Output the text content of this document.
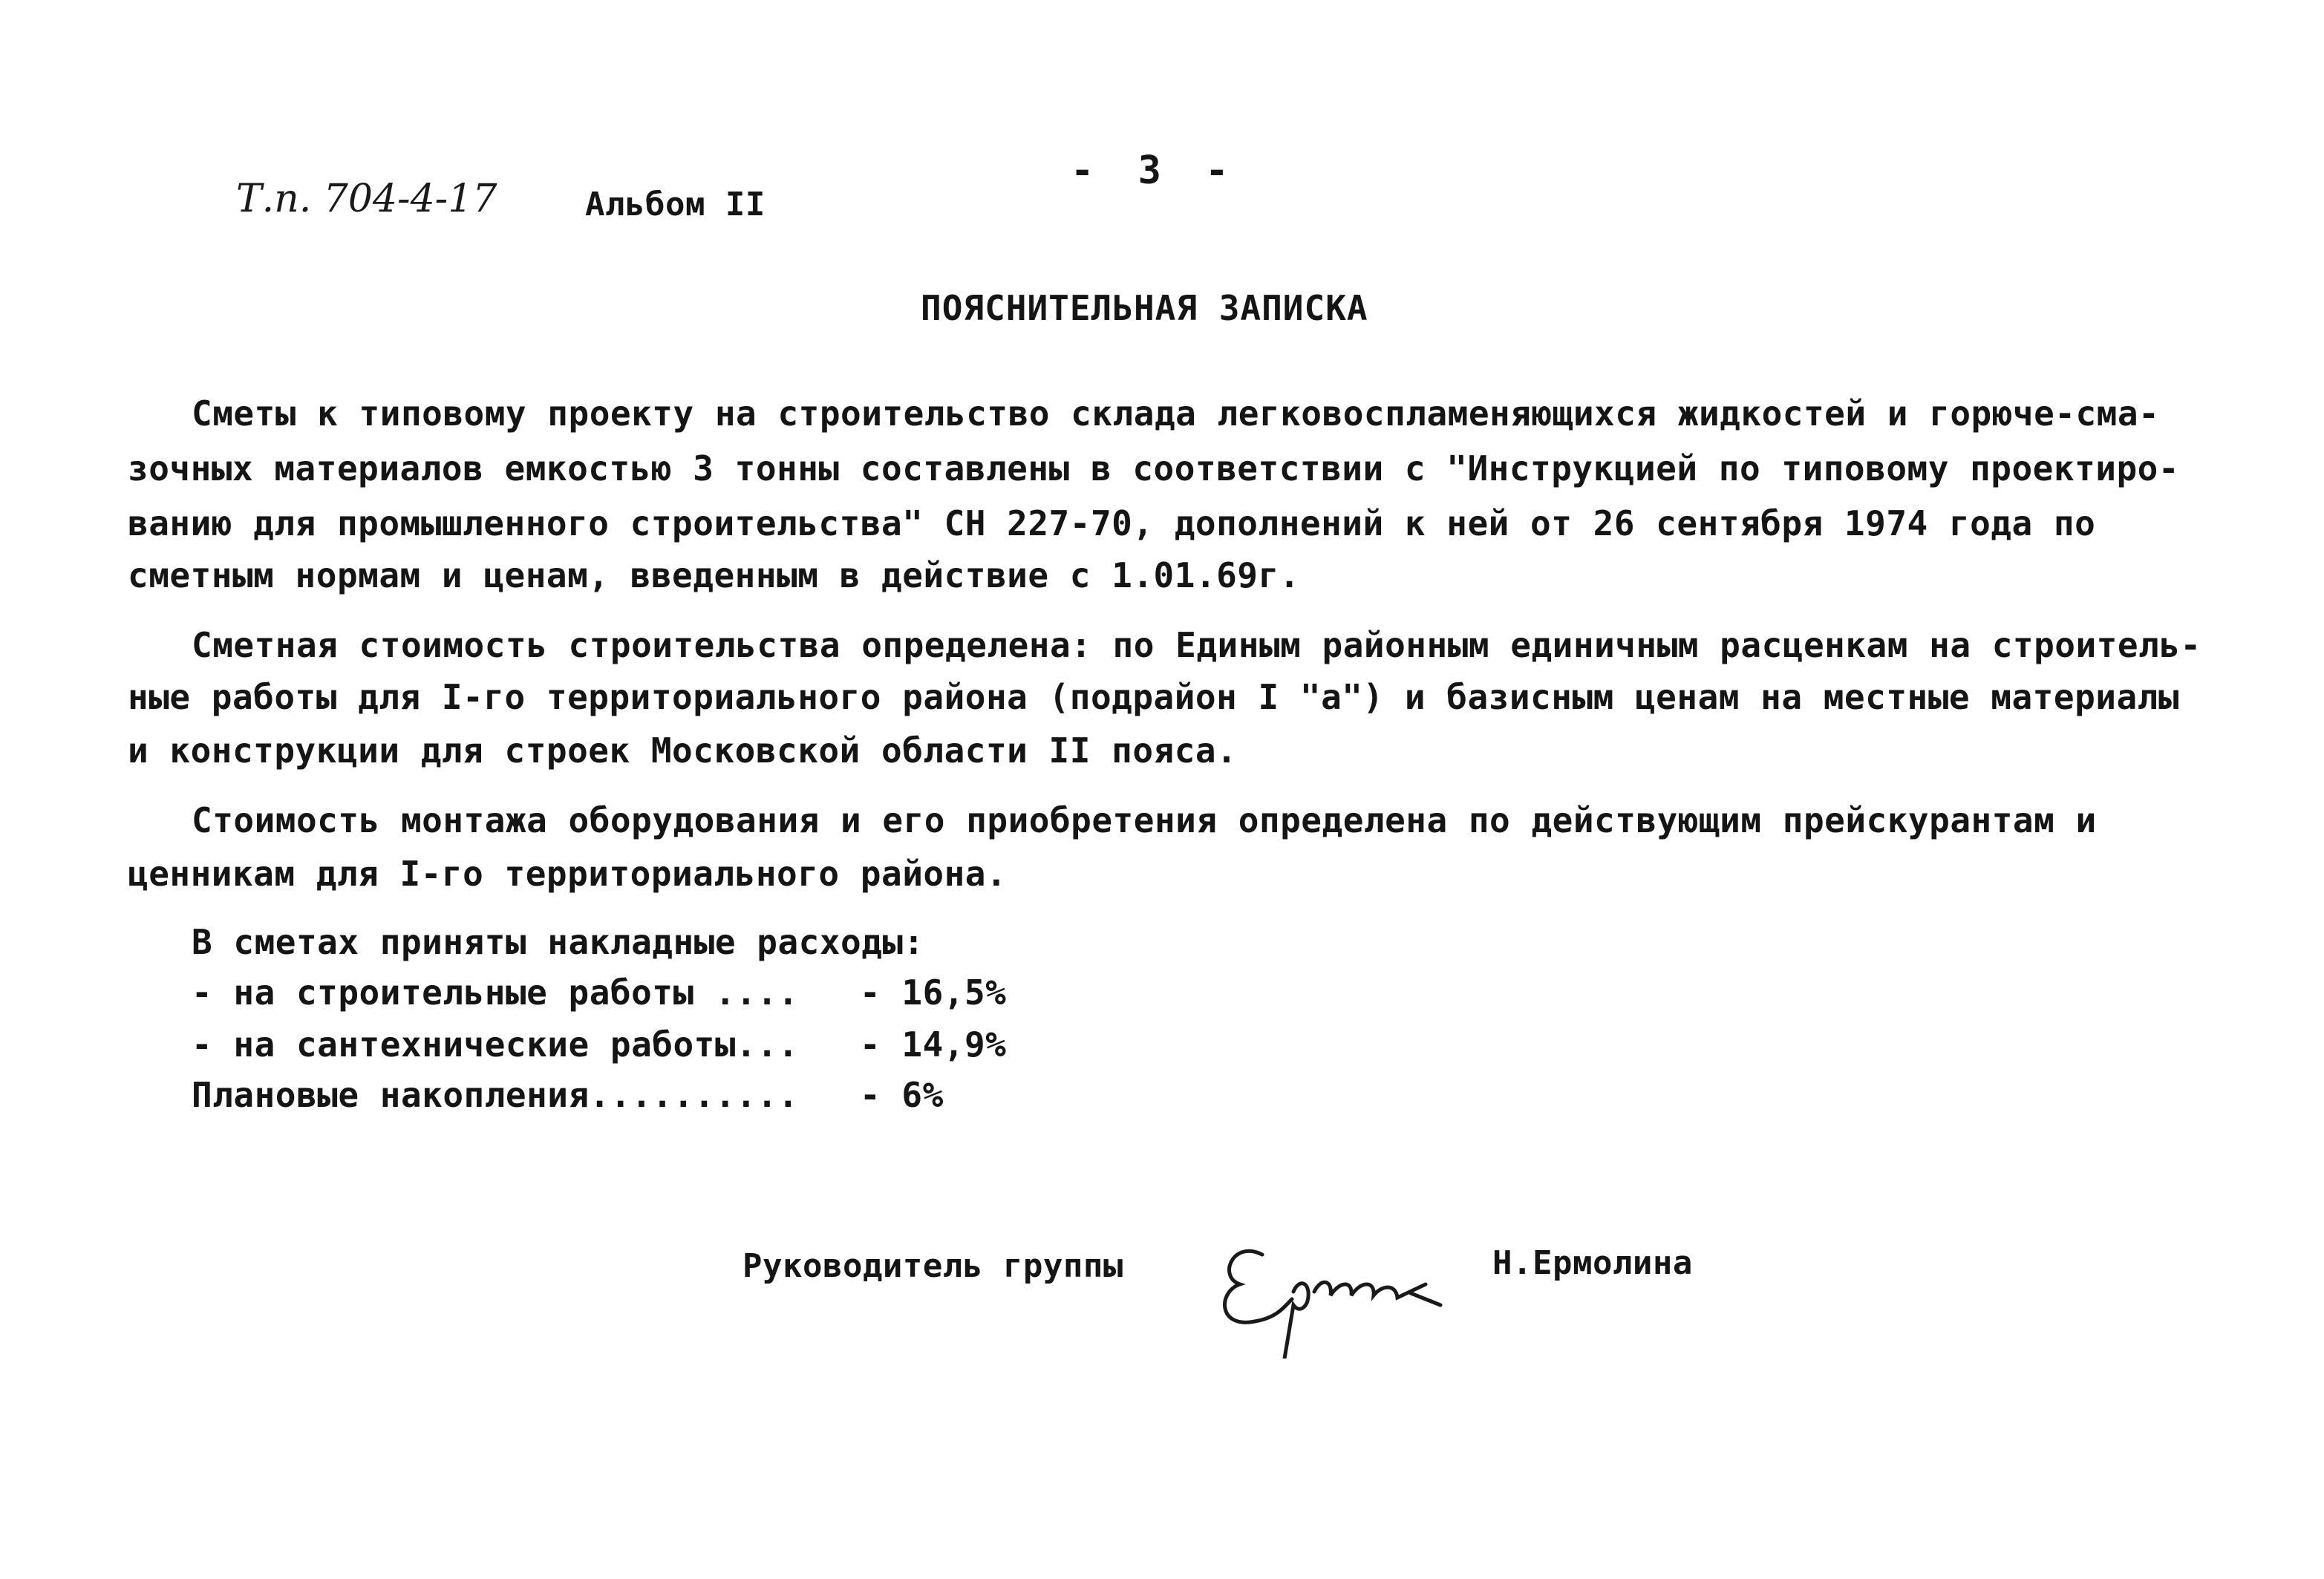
Т.п. 704-4-17	Альбом II
- 3 -
ПОЯСНИТЕЛЬНАЯ ЗАПИСКА
Сметы к типовому проекту на строительство склада легковоспламеняющихся жидкостей и горюче-сма-
зочных материалов емкостью 3 тонны составлены в соответствии с "Инструкцией по типовому проектиро-
ванию для промышленного строительства" СН 227-70, дополнений к ней от 26 сентября 1974 года по
сметным нормам и ценам, введенным в действие с 1.01.69г.
Сметная стоимость строительства определена: по Единым районным единичным расценкам на строитель-
ные работы для I-го территориального района (подрайон I "а") и базисным ценам на местные материалы
и конструкции для строек Московской области II пояса.
Стоимость монтажа оборудования и его приобретения определена по действующим прейскурантам и
ценникам для I-го территориального района.
В сметах приняты накладные расходы:
- на строительные работы .... - 16,5%
- на сантехнические работы... - 14,9%
Плановые накопления.......... - 6%
Руководитель группы	Н.Ермолина
